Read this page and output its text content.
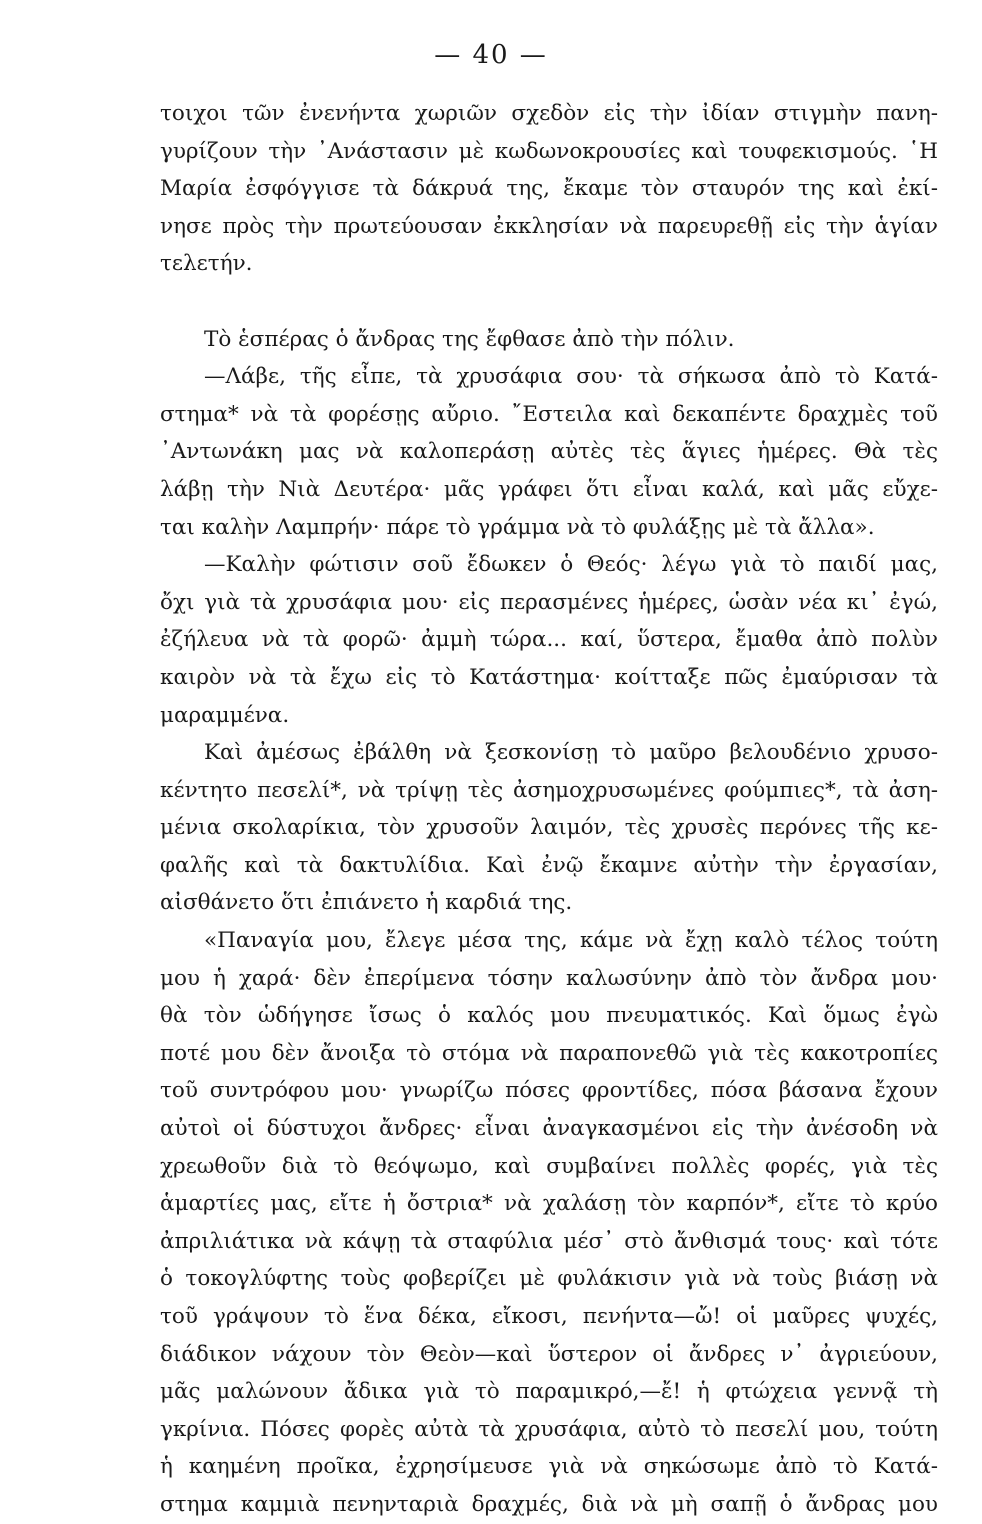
— 40 —
τοιχοι τῶν ἐνενήντα χωριῶν σχεδὸν εἰς τὴν ἰδίαν στιγμὴν πανη-
γυρίζουν τὴν ᾿Ανάστασιν μὲ κωδωνοκρουσίες καὶ τουφεκισμούς. ῾Η
Μαρία ἐσφόγγισε τὰ δάκρυά της, ἔκαμε τὸν σταυρόν της καὶ ἐκί-
νησε πρὸς τὴν πρωτεύουσαν ἐκκλησίαν νὰ παρευρεθῇ εἰς τὴν ἁγίαν
τελετήν.
Τὸ ἑσπέρας ὁ ἄνδρας της ἔφθασε ἀπὸ τὴν πόλιν.
—Λάβε, τῆς εἶπε, τὰ χρυσάφια σου· τὰ σήκωσα ἀπὸ τὸ Κατά-
στημα* νὰ τὰ φορέσῃς αὔριο. ῎Εστειλα καὶ δεκαπέντε δραχμὲς τοῦ
᾿Αντωνάκη μας νὰ καλοπεράσῃ αὐτὲς τὲς ἅγιες ἡμέρες. Θὰ τὲς
λάβῃ τὴν Νιὰ Δευτέρα· μᾶς γράφει ὅτι εἶναι καλά, καὶ μᾶς εὔχε-
ται καλὴν Λαμπρήν· πάρε τὸ γράμμα νὰ τὸ φυλάξῃς μὲ τὰ ἄλλα».
—Καλὴν φώτισιν σοῦ ἔδωκεν ὁ Θεός· λέγω γιὰ τὸ παιδί μας,
ὄχι γιὰ τὰ χρυσάφια μου· εἰς περασμένες ἡμέρες, ὡσὰν νέα κι᾿ ἐγώ,
ἐζήλευα νὰ τὰ φορῶ· ἀμμὴ τώρα... καί, ὕστερα, ἔμαθα ἀπὸ πολὺν
καιρὸν νὰ τὰ ἔχω εἰς τὸ Κατάστημα· κοίτταξε πῶς ἐμαύρισαν τὰ
μαραμμένα.
Καὶ ἀμέσως ἐβάλθη νὰ ξεσκονίσῃ τὸ μαῦρο βελουδένιο χρυσο-
κέντητο πεσελί*, νὰ τρίψῃ τὲς ἀσημοχρυσωμένες φούμπιες*, τὰ ἀση-
μένια σκολαρίκια, τὸν χρυσοῦν λαιμόν, τὲς χρυσὲς περόνες τῆς κε-
φαλῆς καὶ τὰ δακτυλίδια. Καὶ ἐνῷ ἔκαμνε αὐτὴν τὴν ἐργασίαν,
αἰσθάνετο ὅτι ἐπιάνετο ἡ καρδιά της.
«Παναγία μου, ἔλεγε μέσα της, κάμε νὰ ἔχῃ καλὸ τέλος τούτη
μου ἡ χαρά· δὲν ἐπερίμενα τόσην καλωσύνην ἀπὸ τὸν ἄνδρα μου·
θὰ τὸν ὡδήγησε ἴσως ὁ καλός μου πνευματικός. Καὶ ὅμως ἐγὼ
ποτέ μου δὲν ἄνοιξα τὸ στόμα νὰ παραπονεθῶ γιὰ τὲς κακοτροπίες
τοῦ συντρόφου μου· γνωρίζω πόσες φροντίδες, πόσα βάσανα ἔχουν
αὐτοὶ οἱ δύστυχοι ἄνδρες· εἶναι ἀναγκασμένοι εἰς τὴν ἀνέσοδη νὰ
χρεωθοῦν διὰ τὸ θεόψωμο, καὶ συμβαίνει πολλὲς φορές, γιὰ τὲς
ἁμαρτίες μας, εἴτε ἡ ὄστρια* νὰ χαλάσῃ τὸν καρπόν*, εἴτε τὸ κρύο
ἀπριλιάτικα νὰ κάψῃ τὰ σταφύλια μέσ᾿ στὸ ἄνθισμά τους· καὶ τότε
ὁ τοκογλύφτης τοὺς φοβερίζει μὲ φυλάκισιν γιὰ νὰ τοὺς βιάσῃ νὰ
τοῦ γράψουν τὸ ἕνα δέκα, εἴκοσι, πενήντα—ὤ! οἱ μαῦρες ψυχές,
διάδικον νάχουν τὸν Θεὸν—καὶ ὕστερον οἱ ἄνδρες ν᾿ ἀγριεύουν,
μᾶς μαλώνουν ἄδικα γιὰ τὸ παραμικρό,—ἔ! ἡ φτώχεια γεννᾷ τὴ
γκρίνια. Πόσες φορὲς αὐτὰ τὰ χρυσάφια, αὐτὸ τὸ πεσελί μου, τούτη
ἡ καημένη προῖκα, ἐχρησίμευσε γιὰ νὰ σηκώσωμε ἀπὸ τὸ Κατά-
στημα καμμιὰ πενηνταριὰ δραχμές, διὰ νὰ μὴ σαπῇ ὁ ἄνδρας μου
